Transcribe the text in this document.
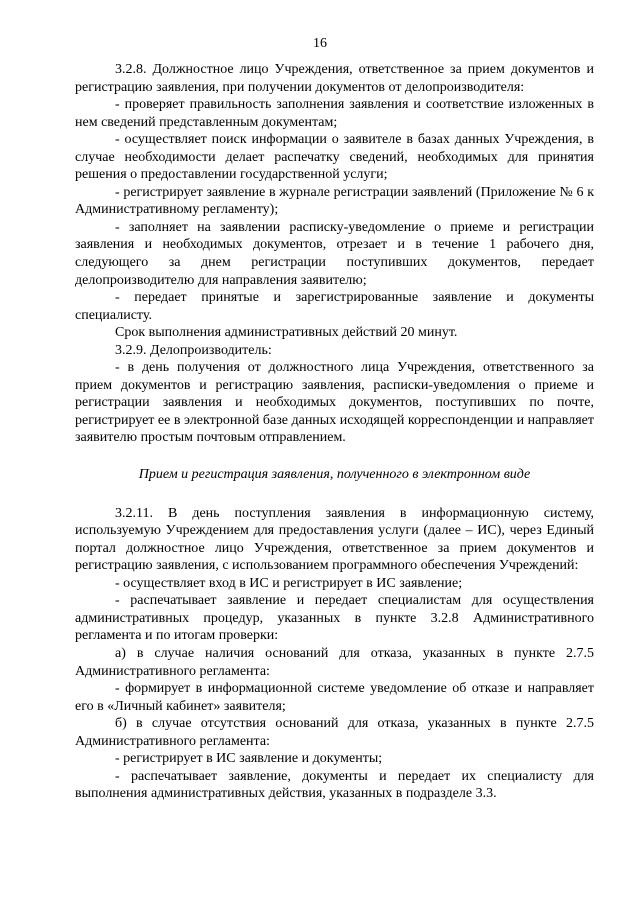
16

3.2.8. Должностное лицо Учреждения, ответственное за прием документов и регистрацию заявления, при получении документов от делопроизводителя:

- проверяет правильность заполнения заявления и соответствие изложенных в нем сведений представленным документам;

- осуществляет поиск информации о заявителе в базах данных Учреждения, в случае необходимости делает распечатку сведений, необходимых для принятия решения о предоставлении государственной услуги;

- регистрирует заявление в журнале регистрации заявлений (Приложение № 6 к Административному регламенту);

- заполняет на заявлении расписку-уведомление о приеме и регистрации заявления и необходимых документов, отрезает и в течение 1 рабочего дня, следующего за днем регистрации поступивших документов, передает делопроизводителю для направления заявителю;

- передает принятые и зарегистрированные заявление и документы специалисту.

Срок выполнения административных действий 20 минут.

3.2.9. Делопроизводитель:

- в день получения от должностного лица Учреждения, ответственного за прием документов и регистрацию заявления, расписки-уведомления о приеме и регистрации заявления и необходимых документов, поступивших по почте, регистрирует ее в электронной базе данных исходящей корреспонденции и направляет заявителю простым почтовым отправлением.

Прием и регистрация заявления, полученного в электронном виде

3.2.11. В день поступления заявления в информационную систему, используемую Учреждением для предоставления услуги (далее – ИС), через Единый портал должностное лицо Учреждения, ответственное за прием документов и регистрацию заявления, с использованием программного обеспечения Учреждений:

- осуществляет вход в ИС и регистрирует в ИС заявление;

- распечатывает заявление и передает специалистам для осуществления административных процедур, указанных в пункте 3.2.8 Административного регламента и по итогам проверки:

а) в случае наличия оснований для отказа, указанных в пункте 2.7.5 Административного регламента:

- формирует в информационной системе уведомление об отказе и направляет его в «Личный кабинет» заявителя;

б) в случае отсутствия оснований для отказа, указанных в пункте 2.7.5 Административного регламента:

- регистрирует в ИС заявление и документы;

- распечатывает заявление, документы и передает их специалисту для выполнения административных действия, указанных в подразделе 3.3.
